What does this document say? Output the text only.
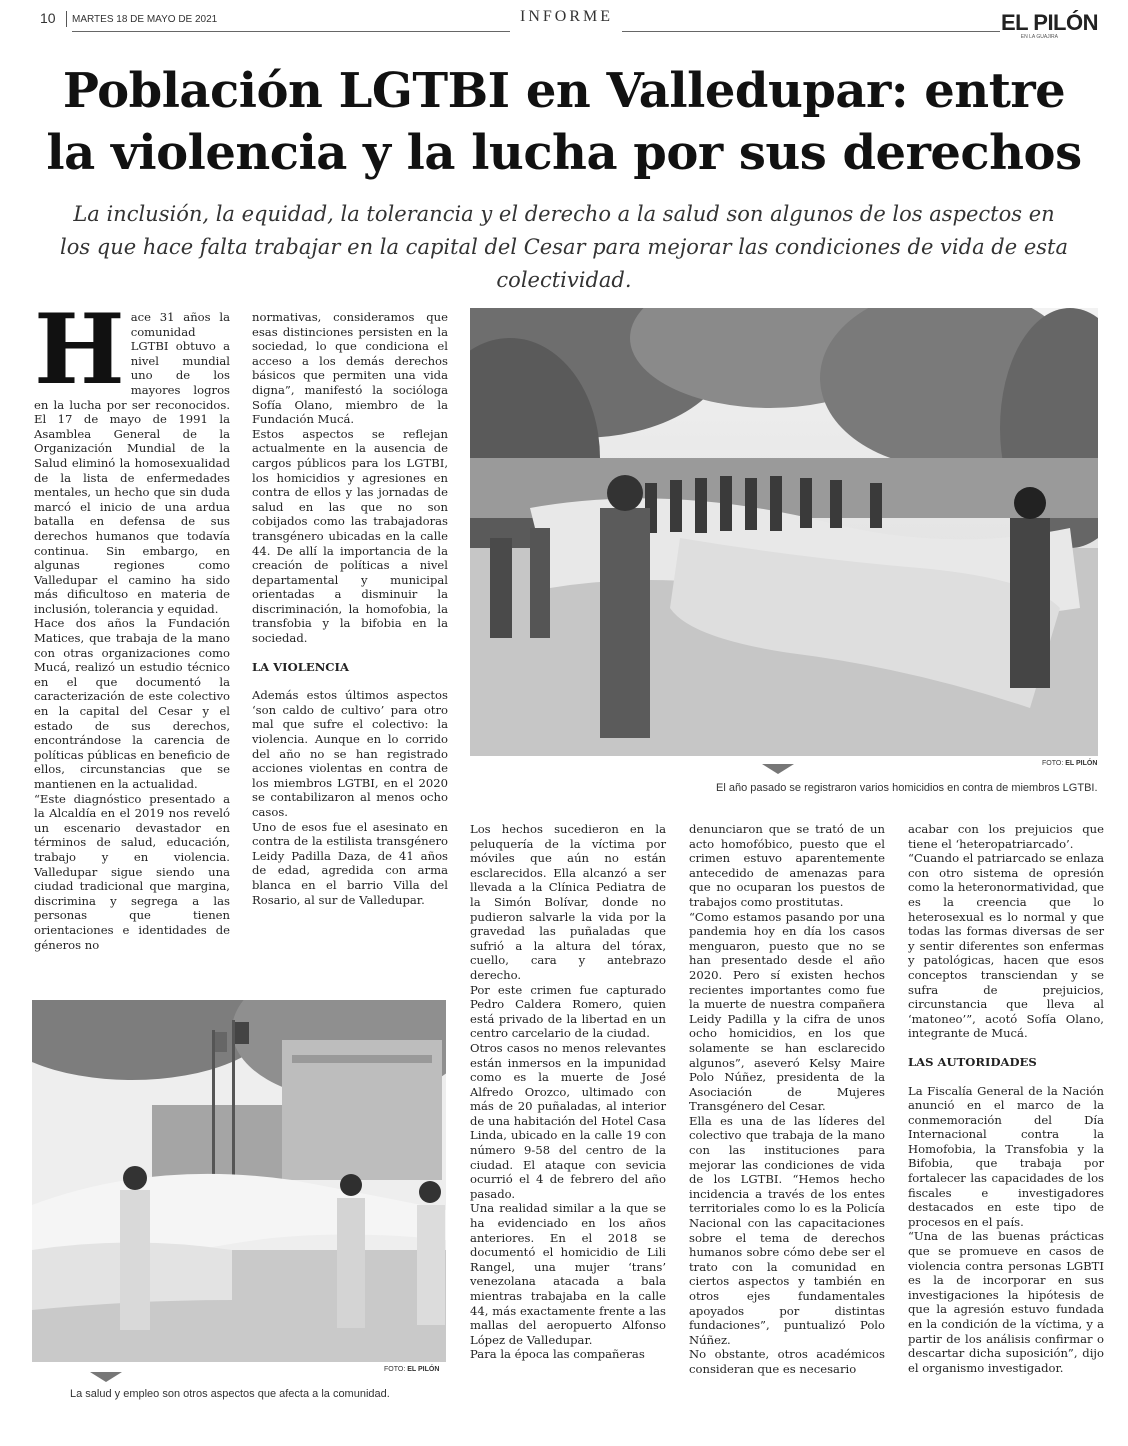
10 MARTES 18 DE MAYO DE 2021	INFORME	EL PILÓN
EN LA GUAJIRA
Población LGTBI en Valledupar: entre
la violencia y la lucha por sus derechos
La inclusión, la equidad, la tolerancia y el derecho a la salud son algunos de los aspectos en los que hace falta trabajar en la capital del Cesar para mejorar las condiciones de vida de esta colectividad.
H ace 31 años la comunidad LGTBI obtuvo a nivel mundial uno de los mayores logros en la lucha por ser reconocidos. El 17 de mayo de 1991 la Asamblea General de la Organización Mundial de la Salud eliminó la homosexualidad de la lista de enfermedades mentales, un hecho que sin duda marcó el inicio de una ardua batalla en defensa de sus derechos humanos que todavía continua. Sin embargo, en algunas regiones como Valledupar el camino ha sido más dificultoso en materia de inclusión, tolerancia y equidad.

Hace dos años la Fundación Matices, que trabaja de la mano con otras organizaciones como Mucá, realizó un estudio técnico en el que documentó la caracterización de este colectivo en la capital del Cesar y el estado de sus derechos, encontrándose la carencia de políticas públicas en beneficio de ellos, circunstancias que se mantienen en la actualidad.

“Este diagnóstico presentado a la Alcaldía en el 2019 nos reveló un escenario devastador en términos de salud, educación, trabajo y en violencia. Valledupar sigue siendo una ciudad tradicional que margina, discrimina y segrega a las personas que tienen orientaciones e identidades de géneros no

normativas, consideramos que esas distinciones persisten en la sociedad, lo que condiciona el acceso a los demás derechos básicos que permiten una vida digna”, manifestó la socióloga Sofía Olano, miembro de la Fundación Mucá.

Estos aspectos se reflejan actualmente en la ausencia de cargos públicos para los LGTBI, los homicidios y agresiones en contra de ellos y las jornadas de salud en las que no son cobijados como las trabajadoras transgénero ubicadas en la calle 44. De allí la importancia de la creación de políticas a nivel departamental y municipal orientadas a disminuir la discriminación, la homofobia, la transfobia y la bifobia en la sociedad.

LA VIOLENCIA

Además estos últimos aspectos ‘son caldo de cultivo’ para otro mal que sufre el colectivo: la violencia. Aunque en lo corrido del año no se han registrado acciones violentas en contra de los miembros LGTBI, en el 2020 se contabilizaron al menos ocho casos.

Uno de esos fue el asesinato en contra de la estilista transgénero Leidy Padilla Daza, de 41 años de edad, agredida con arma blanca en el barrio Villa del Rosario, al sur de Valledupar.

FOTO: EL PILÓN
El año pasado se registraron varios homicidios en contra de miembros LGTBI.

Los hechos sucedieron en la peluquería de la víctima por móviles que aún no están esclarecidos. Ella alcanzó a ser llevada a la Clínica Pediatra de la Simón Bolívar, donde no pudieron salvarle la vida por la gravedad las puñaladas que sufrió a la altura del tórax, cuello, cara y antebrazo derecho.

Por este crimen fue capturado Pedro Caldera Romero, quien está privado de la libertad en un centro carcelario de la ciudad.

Otros casos no menos relevantes están inmersos en la impunidad como es la muerte de José Alfredo Orozco, ultimado con más de 20 puñaladas, al interior de una habitación del Hotel Casa Linda, ubicado en la calle 19 con número 9-58 del centro de la ciudad. El ataque con sevicia ocurrió el 4 de febrero del año pasado.

Una realidad similar a la que se ha evidenciado en los años anteriores. En el 2018 se documentó el homicidio de Lili Rangel, una mujer ‘trans’ venezolana atacada a bala mientras trabajaba en la calle 44, más exactamente frente a las mallas del aeropuerto Alfonso López de Valledupar.

Para la época las compañeras

denunciaron que se trató de un acto homofóbico, puesto que el crimen estuvo aparentemente antecedido de amenazas para que no ocuparan los puestos de trabajos como prostitutas.

“Como estamos pasando por una pandemia hoy en día los casos menguaron, puesto que no se han presentado desde el año 2020. Pero sí existen hechos recientes importantes como fue la muerte de nuestra compañera Leidy Padilla y la cifra de unos ocho homicidios, en los que solamente se han esclarecido algunos”, aseveró Kelsy Maire Polo Núñez, presidenta de la Asociación de Mujeres Transgénero del Cesar.

Ella es una de las líderes del colectivo que trabaja de la mano con las instituciones para mejorar las condiciones de vida de los LGTBI. “Hemos hecho incidencia a través de los entes territoriales como lo es la Policía Nacional con las capacitaciones sobre el tema de derechos humanos sobre cómo debe ser el trato con la comunidad en ciertos aspectos y también en otros ejes fundamentales apoyados por distintas fundaciones”, puntualizó Polo Núñez.

No obstante, otros académicos consideran que es necesario

acabar con los prejuicios que tiene el ‘heteropatriarcado’.

“Cuando el patriarcado se enlaza con otro sistema de opresión como la heteronormatividad, que es la creencia que lo heterosexual es lo normal y que todas las formas diversas de ser y sentir diferentes son enfermas y patológicas, hacen que esos conceptos transciendan y se sufra de prejuicios, circunstancia que lleva al ‘matoneo’”, acotó Sofía Olano, integrante de Mucá.

LAS AUTORIDADES

La Fiscalía General de la Nación anunció en el marco de la conmemoración del Día Internacional contra la Homofobia, la Transfobia y la Bifobia, que trabaja por fortalecer las capacidades de los fiscales e investigadores destacados en este tipo de procesos en el país.

“Una de las buenas prácticas que se promueve en casos de violencia contra personas LGBTI es la de incorporar en sus investigaciones la hipótesis de que la agresión estuvo fundada en la condición de la víctima, y a partir de los análisis confirmar o descartar dicha suposición”, dijo el organismo investigador.

FOTO: EL PILÓN
La salud y empleo son otros aspectos que afecta a la comunidad.
